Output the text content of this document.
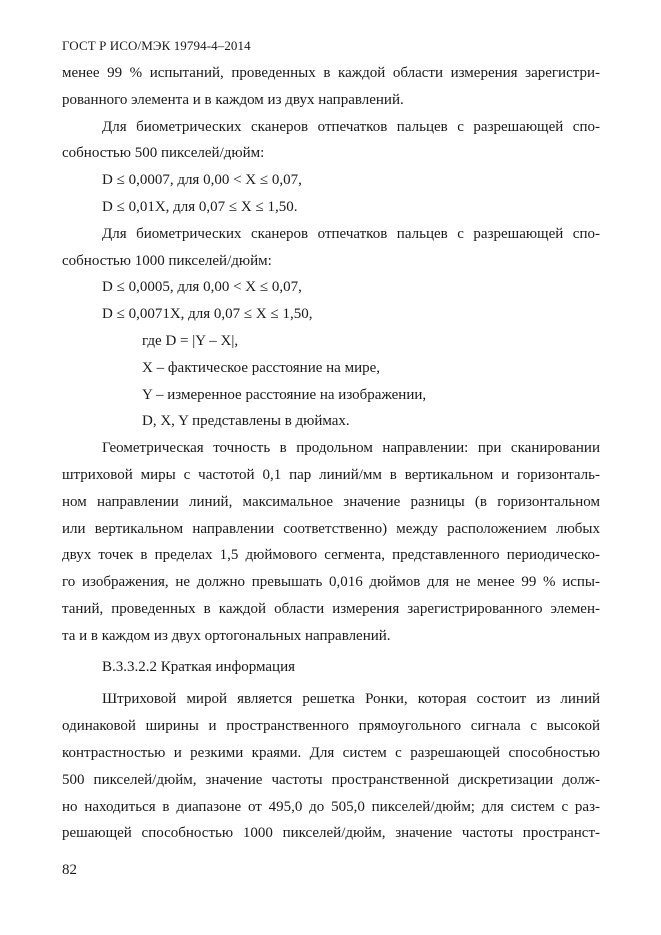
ГОСТ Р ИСО/МЭК 19794-4–2014
менее 99 % испытаний, проведенных в каждой области измерения зарегистри-
рованного элемента и в каждом из двух направлений.
Для биометрических сканеров отпечатков пальцев с разрешающей спо-
собностью 500 пикселей/дюйм:
D ≤ 0,0007, для 0,00 < X ≤ 0,07,
D ≤ 0,01X, для 0,07 ≤ X ≤ 1,50.
Для биометрических сканеров отпечатков пальцев с разрешающей спо-
собностью 1000 пикселей/дюйм:
D ≤ 0,0005, для 0,00 < X ≤ 0,07,
D ≤ 0,0071X, для 0,07 ≤ X ≤ 1,50,
где D = |Y – X|,
X – фактическое расстояние на мире,
Y – измеренное расстояние на изображении,
D, X, Y представлены в дюймах.
Геометрическая точность в продольном направлении: при сканировании
штриховой миры с частотой 0,1 пар линий/мм в вертикальном и горизонталь-
ном направлении линий, максимальное значение разницы (в горизонтальном
или вертикальном направлении соответственно) между расположением любых
двух точек в пределах 1,5 дюймового сегмента, представленного периодическо-
го изображения, не должно превышать 0,016 дюймов для не менее 99 % испы-
таний, проведенных в каждой области измерения зарегистрированного элемен-
та и в каждом из двух ортогональных направлений.
B.3.3.2.2 Краткая информация
Штриховой мирой является решетка Ронки, которая состоит из линий
одинаковой ширины и пространственного прямоугольного сигнала с высокой
контрастностью и резкими краями. Для систем с разрешающей способностью
500 пикселей/дюйм, значение частоты пространственной дискретизации долж-
но находиться в диапазоне от 495,0 до 505,0 пикселей/дюйм; для систем с раз-
решающей способностью 1000 пикселей/дюйм, значение частоты пространст-
82
